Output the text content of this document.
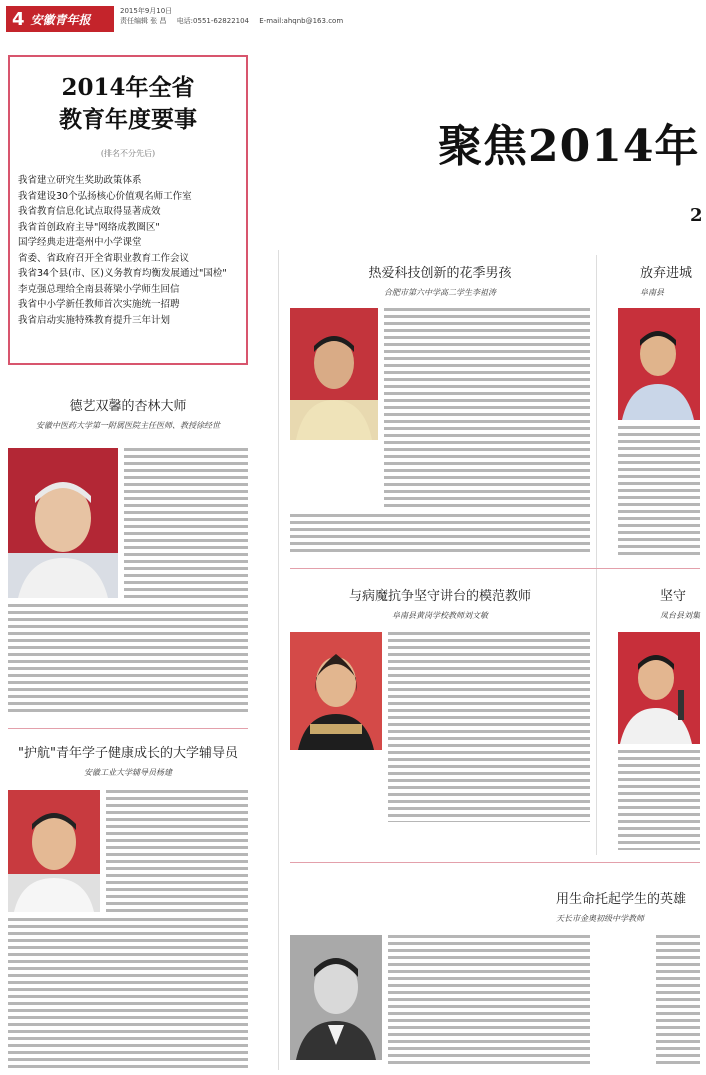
4 安徽青年报
2015年9月10日
责任编辑 张 昌 电话:0551-62822104 E-mail:ahqnb@163.com
2014年全省
教育年度要事
(排名不分先后)
我省建立研究生奖助政策体系
我省建设30个弘扬核心价值观名师工作室
我省教育信息化试点取得显著成效
我省首创政府主导"网络成教圈区"
国学经典走进毫州中小学课堂
省委、省政府召开全省职业教育工作会议
我省34个县(市、区)义务教育均衡发展通过"国检"
李克强总理给全南县蒋梁小学师生回信
我省中小学新任教师首次实施统一招聘
我省启动实施特殊教育提升三年计划
聚焦2014年
2
德艺双馨的杏林大师
安徽中医药大学第一附属医院主任医师、教授徐经世
"护航"青年学子健康成长的大学辅导员
安徽工业大学辅导员杨建
热爱科技创新的花季男孩
合肥市第六中学高二学生李祖涛
与病魔抗争坚守讲台的模范教师
阜南县黄岗学校教师刘文敏
用生命托起学生的英雄
天长市金奥初级中学教师
放弃进城
阜南县
坚守
凤台县刘集
